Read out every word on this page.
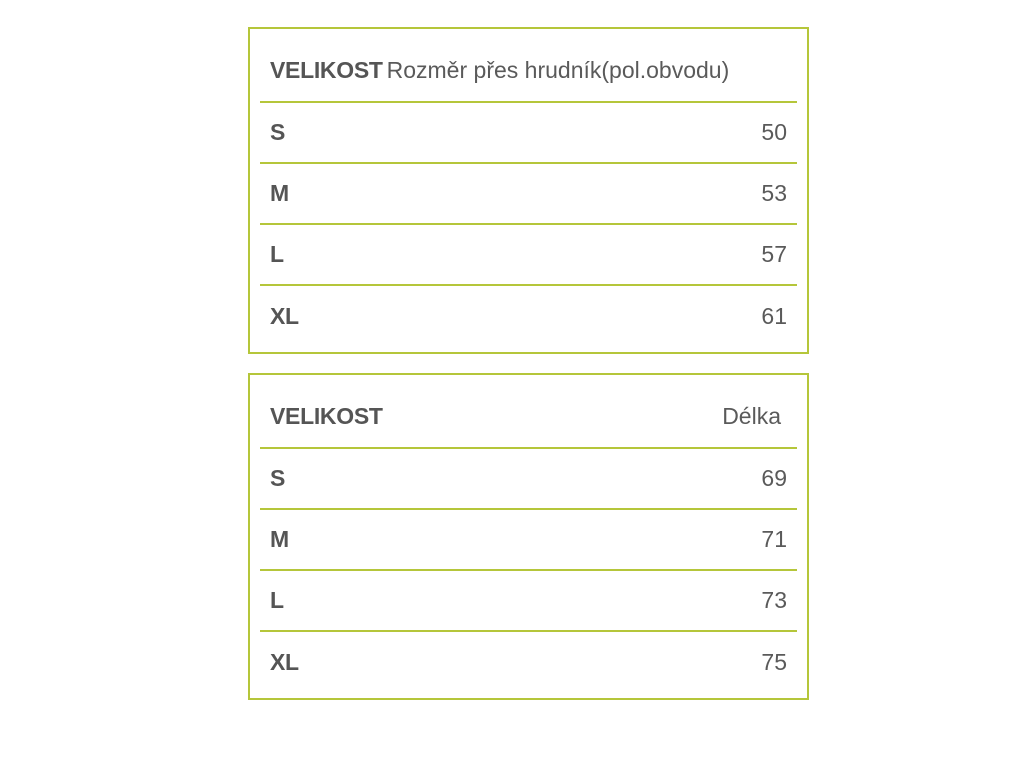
VELIKOST Rozměr přes hrudník(pol.obvodu)
S	50
M	53
L	57
XL	61
VELIKOST	Délka
S	69
M	71
L	73
XL	75
